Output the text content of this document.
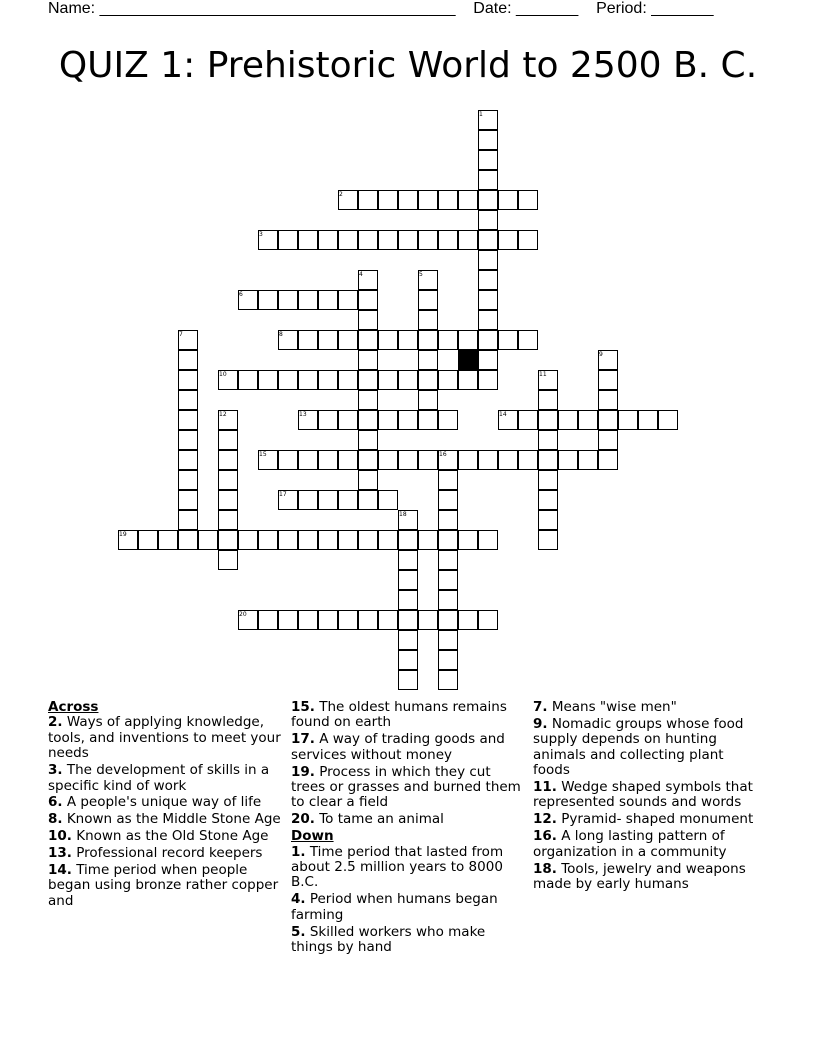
Name: ________________________________________ Date: _______ Period: _______
QUIZ 1: Prehistoric World to 2500 B. C.
1
2
3
4	5
6
7	8
9
10	11
12	13	14
15	16
17
18
19
20
Across
2. Ways of applying knowledge, tools, and inventions to meet your needs
3. The development of skills in a specific kind of work
6. A people's unique way of life
8. Known as the Middle Stone Age
10. Known as the Old Stone Age
13. Professional record keepers
14. Time period when people began using bronze rather copper and
15. The oldest humans remains found on earth
17. A way of trading goods and services without money
19. Process in which they cut trees or grasses and burned them to clear a field
20. To tame an animal
Down
1. Time period that lasted from about 2.5 million years to 8000 B.C.
4. Period when humans began farming
5. Skilled workers who make things by hand
7. Means "wise men"
9. Nomadic groups whose food supply depends on hunting animals and collecting plant foods
11. Wedge shaped symbols that represented sounds and words
12. Pyramid- shaped monument
16. A long lasting pattern of organization in a community
18. Tools, jewelry and weapons made by early humans
